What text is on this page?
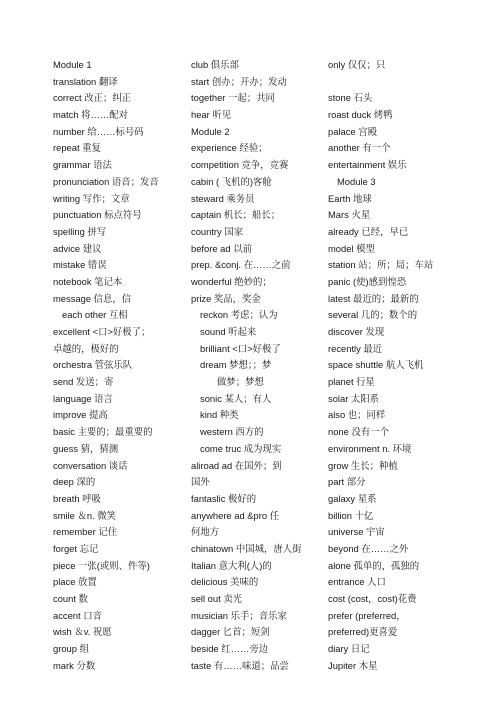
Module 1
translation 翻译
correct 改正；纠正
match 将……配对
number 给……标号码
repeat 重复
grammar 语法
pronunciation 语音；发音
writing 写作；文章
punctuation 标点符号
spelling 拼写
advice 建议
mistake 错误
notebook 笔记本
message 信息，信
each other 互相
excellent <口>好极了；
卓越的，极好的
orchestra 管弦乐队
send 发送；寄
language 语言
improve 提高
basic 主要的；最重要的
guess 猜，猜测
conversation 谈话
deep 深的
breath 呼吸
smile ＆n. 微笑
remember 记住
forget 忘记
piece 一张(或则、件等)
place 放置
count 数
accent 口音
wish ＆v. 祝愿
group 组
mark 分数
club 俱乐部
start 创办；开办；发动
together 一起；共同
hear 听见
Module 2
experience 经验；
competition 竞争，竞赛
cabin ( 飞机的)客舱
steward 乘务员
captain 机长；船长；
country 国家
before ad 以前
prep. &conj. 在……之前
wonderful 绝妙的；
prize 奖品，奖金
reckon 考虑；认为
sound 听起来
brilliant <口>好极了
dream 梦想；；梦
做梦；梦想
sonic 某人；有人
kind 种类
western 西方的
come truc 成为现实
aliroad ad 在国外；到
国外
fantaslic 极好的
anywhere ad &pro 任
何地方
chinatown 中国城，唐人街
Italian 意大利(人)的
delicious 美味的
sell out 卖光
musician 乐手；音乐家
dagger 匕首；短剑
beside 红……旁边
taste 有……味道；品尝
only 仅仅；只
stone 石头
roast duck 烤鸭
palace 宫殿
another 有一个
entertainment 娱乐
Module 3
Earth 地球
Mars 火星
already 已经，早已
model 模型
station 站；所；局；车站
panic (使)感到惶恐
latest 最近的；最新的
several 几的；数个的
discover 发现
recently 最近
space shuttle 航人飞机
planet 行星
solar 太阳系
also 也；同样
none 没有一个
environment n. 环境
grow 生长；种植
part 部分
galaxy 星系
billion 十亿
universe 宇宙
beyond 在……之外
alone 孤单的，孤独的
entrance 人口
cost (cost，cost)花费
prefer (preferred，
preferred)更喜爱
diary 日记
Jupiter 木星
